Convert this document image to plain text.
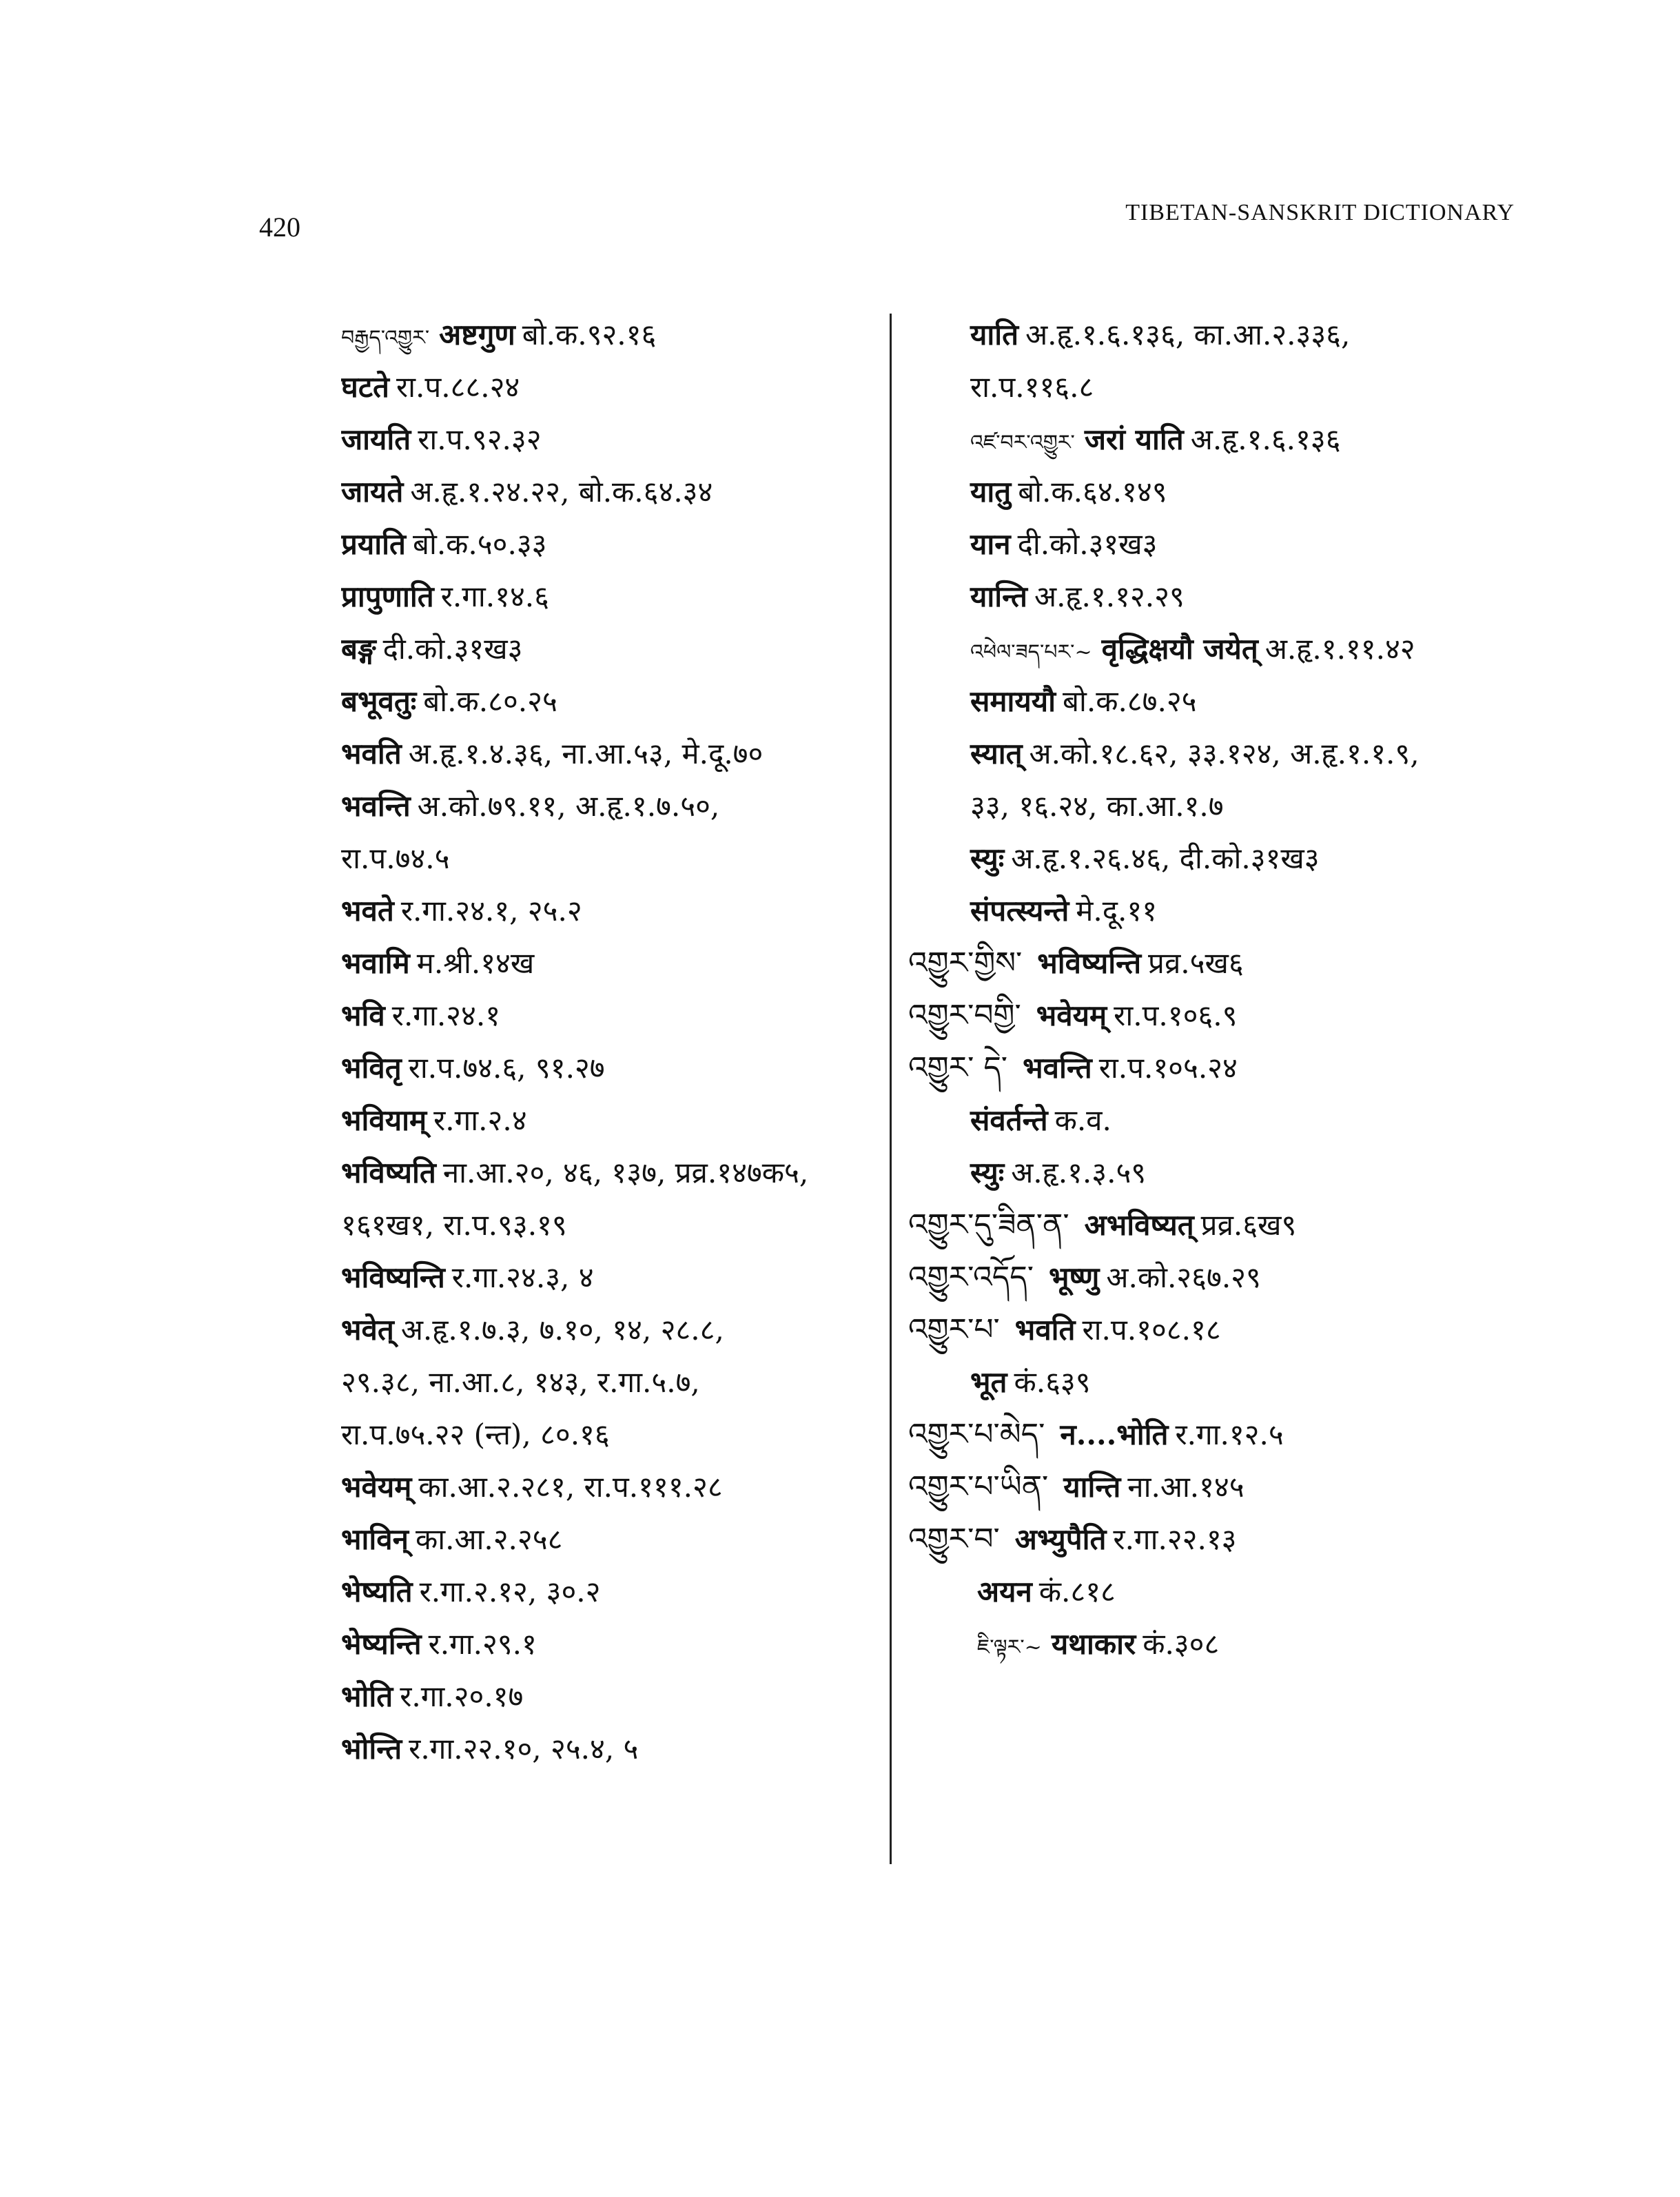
420	TIBETAN-SANSKRIT DICTIONARY
བརྒྱད་འགྱུར་ अष्टगुण बो.क.९२.१६
घटते रा.प.८८.२४
जायति रा.प.९२.३२
जायते अ.हृ.१.२४.२२, बो.क.६४.३४
प्रयाति बो.क.५०.३३
प्रापुणाति र.गा.१४.६
बङ्ग दी.को.३१ख३
बभूवतुः बो.क.८०.२५
भवति अ.हृ.१.४.३६, ना.आ.५३, मे.दू.७०
भवन्ति अ.को.७९.११, अ.हृ.१.७.५०,
रा.प.७४.५
भवते र.गा.२४.१, २५.२
भवामि म.श्री.१४ख
भवि र.गा.२४.१
भवितृ रा.प.७४.६, ९१.२७
भवियाम् र.गा.२.४
भविष्यति ना.आ.२०, ४६, १३७, प्रव्र.१४७क५,
१६१ख१, रा.प.९३.१९
भविष्यन्ति र.गा.२४.३, ४
भवेत् अ.हृ.१.७.३, ७.१०, १४, २८.८,
२९.३८, ना.आ.८, १४३, र.गा.५.७,
रा.प.७५.२२ (न्त), ८०.१६
भवेयम् का.आ.२.२८१, रा.प.१११.२८
भाविन् का.आ.२.२५८
भेष्यति र.गा.२.१२, ३०.२
भेष्यन्ति र.गा.२९.१
भोति र.गा.२०.१७
भोन्ति र.गा.२२.१०, २५.४, ५
याति अ.हृ.१.६.१३६, का.आ.२.३३६,
रा.प.११६.८
འཛ་བར་འགྱུར་ जरां याति अ.हृ.१.६.१३६
यातु बो.क.६४.१४९
यान दी.को.३१ख३
यान्ति अ.हृ.१.१२.२९
འཕེལ་ཟད་པར་~ वृद्धिक्षयौ जयेत् अ.हृ.१.११.४२
समाययौ बो.क.८७.२५
स्यात् अ.को.१८.६२, ३३.१२४, अ.हृ.१.१.९,
३३, १६.२४, का.आ.१.७
स्युः अ.हृ.१.२६.४६, दी.को.३१ख३
संपत्स्यन्ते मे.दू.११
འགྱུར་གྱིས་ भविष्यन्ति प्रव्र.५ख६
འགྱུར་བགྱི་ भवेयम् रा.प.१०६.९
འགྱུར་ དེ་ भवन्ति रा.प.१०५.२४
संवर्तन्ते क.व.
स्युः अ.हृ.१.३.५९
འགྱུར་དུ་ཟིན་ན་ अभविष्यत् प्रव्र.६ख९
འགྱུར་འདོད་ भूष्णु अ.को.२६७.२९
འགྱུར་པ་ भवति रा.प.१०८.१८
भूत कं.६३९
འགྱུར་པ་མེད་ न....भोति र.गा.१२.५
འགྱུར་པ་ཡིན་ यान्ति ना.आ.१४५
འགྱུར་བ་ अभ्युपैति र.गा.२२.१३
अयन कं.८१८
ཇི་ལྟར་~ यथाकार कं.३०८
